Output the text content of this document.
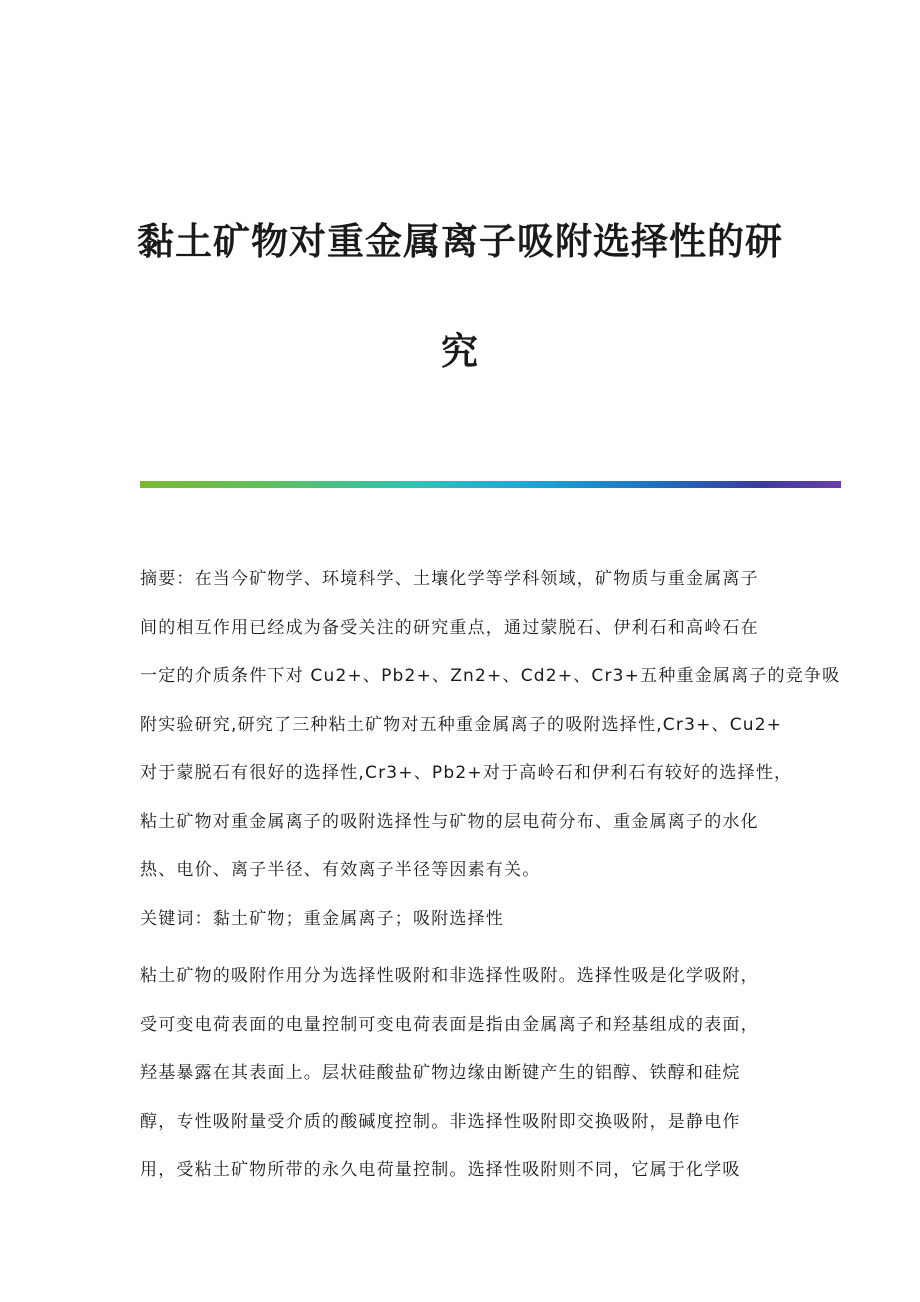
黏土矿物对重金属离子吸附选择性的研
究
摘要：在当今矿物学、环境科学、土壤化学等学科领域，矿物质与重金属离子
间的相互作用已经成为备受关注的研究重点，通过蒙脱石、伊利石和高岭石在
一定的介质条件下对 Cu2+、Pb2+、Zn2+、Cd2+、Cr3+五种重金属离子的竞争吸
附实验研究,研究了三种粘土矿物对五种重金属离子的吸附选择性,Cr3+、Cu2+
对于蒙脱石有很好的选择性,Cr3+、Pb2+对于高岭石和伊利石有较好的选择性，
粘土矿物对重金属离子的吸附选择性与矿物的层电荷分布、重金属离子的水化
热、电价、离子半径、有效离子半径等因素有关。
关键词：黏土矿物；重金属离子；吸附选择性
粘土矿物的吸附作用分为选择性吸附和非选择性吸附。选择性吸是化学吸附，
受可变电荷表面的电量控制可变电荷表面是指由金属离子和羟基组成的表面，
羟基暴露在其表面上。层状硅酸盐矿物边缘由断键产生的铝醇、铁醇和硅烷
醇，专性吸附量受介质的酸碱度控制。非选择性吸附即交换吸附，是静电作
用，受粘土矿物所带的永久电荷量控制。选择性吸附则不同，它属于化学吸
